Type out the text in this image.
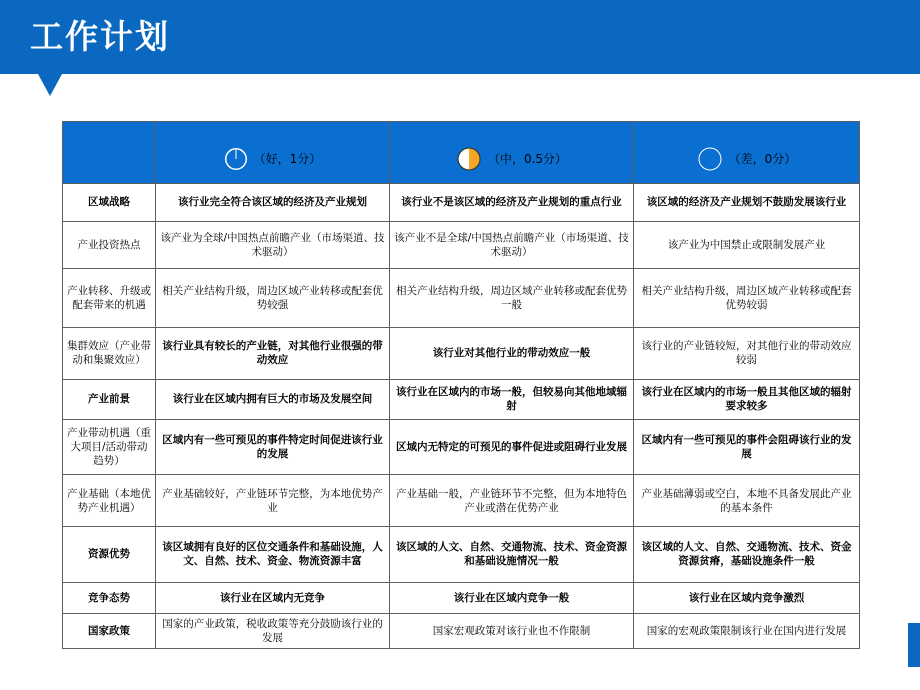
工作计划

	（好，1分）	（中，0.5分）	（差，0分）

区域战略	该行业完全符合该区域的经济及产业规划	该行业不是该区域的经济及产业规划的重点行业	该区域的经济及产业规划不鼓励发展该行业
产业投资热点	该产业为全球/中国热点前瞻产业（市场渠道、技术驱动）	该产业不是全球/中国热点前瞻产业（市场渠道、技术驱动）	该产业为中国禁止或限制发展产业
产业转移、升级或配套带来的机遇	相关产业结构升级，周边区域产业转移或配套优势较强	相关产业结构升级，周边区域产业转移或配套优势一般	相关产业结构升级，周边区域产业转移或配套优势较弱
集群效应（产业带动和集聚效应）	该行业具有较长的产业链，对其他行业很强的带动效应	该行业对其他行业的带动效应一般	该行业的产业链较短，对其他行业的带动效应较弱
产业前景	该行业在区域内拥有巨大的市场及发展空间	该行业在区域内的市场一般，但较易向其他地域辐射	该行业在区域内的市场一般且其他区域的辐射要求较多
产业带动机遇（重大项目/活动带动趋势）	区域内有一些可预见的事件特定时间促进该行业的发展	区域内无特定的可预见的事件促进或阻碍行业发展	区域内有一些可预见的事件会阻碍该行业的发展
产业基础（本地优势产业机遇）	产业基础较好，产业链环节完整，为本地优势产业	产业基础一般，产业链环节不完整，但为本地特色产业或潜在优势产业	产业基础薄弱或空白，本地不具备发展此产业的基本条件
资源优势	该区域拥有良好的区位交通条件和基础设施，人文、自然、技术、资金、物流资源丰富	该区域的人文、自然、交通物流、技术、资金资源和基础设施情况一般	该区域的人文、自然、交通物流、技术、资金资源贫瘠，基础设施条件一般
竞争态势	该行业在区域内无竞争	该行业在区域内竞争一般	该行业在区域内竞争激烈
国家政策	国家的产业政策，税收政策等充分鼓励该行业的发展	国家宏观政策对该行业也不作限制	国家的宏观政策限制该行业在国内进行发展
